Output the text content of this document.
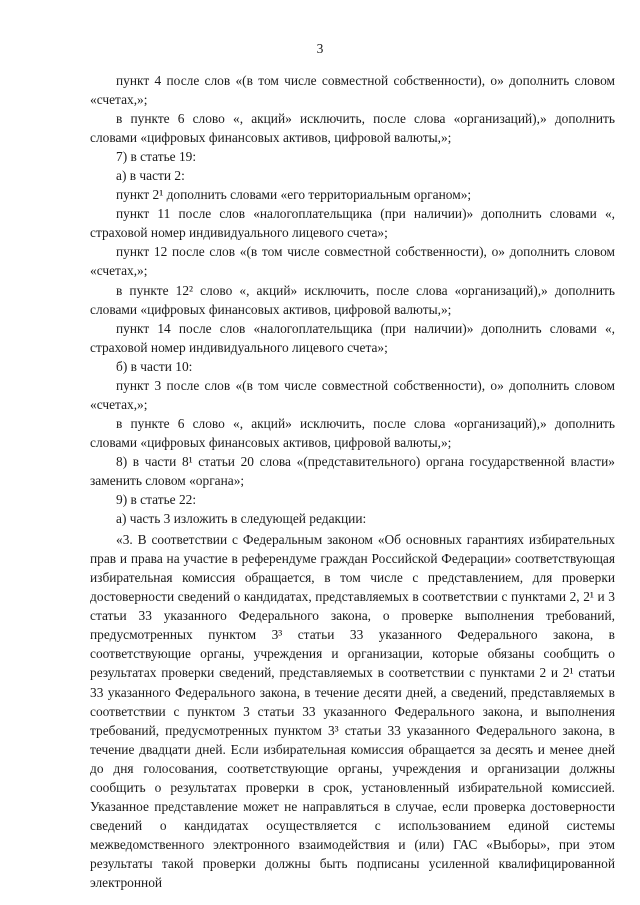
3

пункт 4 после слов «(в том числе совместной собственности), о» дополнить словом «счетах,»;

в пункте 6 слово «, акций» исключить, после слова «организаций),» дополнить словами «цифровых финансовых активов, цифровой валюты,»;

7) в статье 19:

а) в части 2:

пункт 2¹ дополнить словами «его территориальным органом»;

пункт 11 после слов «налогоплательщика (при наличии)» дополнить словами «, страховой номер индивидуального лицевого счета»;

пункт 12 после слов «(в том числе совместной собственности), о» дополнить словом «счетах,»;

в пункте 12² слово «, акций» исключить, после слова «организаций),» дополнить словами «цифровых финансовых активов, цифровой валюты,»;

пункт 14 после слов «налогоплательщика (при наличии)» дополнить словами «, страховой номер индивидуального лицевого счета»;

б) в части 10:

пункт 3 после слов «(в том числе совместной собственности), о» дополнить словом «счетах,»;

в пункте 6 слово «, акций» исключить, после слова «организаций),» дополнить словами «цифровых финансовых активов, цифровой валюты,»;

8) в части 8¹ статьи 20 слова «(представительного) органа государственной власти» заменить словом «органа»;

9) в статье 22:

а) часть 3 изложить в следующей редакции:

«3. В соответствии с Федеральным законом «Об основных гарантиях избирательных прав и права на участие в референдуме граждан Российской Федерации» соответствующая избирательная комиссия обращается, в том числе с представлением, для проверки достоверности сведений о кандидатах, представляемых в соответствии с пунктами 2, 2¹ и 3 статьи 33 указанного Федерального закона, о проверке выполнения требований, предусмотренных пунктом 3³ статьи 33 указанного Федерального закона, в соответствующие органы, учреждения и организации, которые обязаны сообщить о результатах проверки сведений, представляемых в соответствии с пунктами 2 и 2¹ статьи 33 указанного Федерального закона, в течение десяти дней, а сведений, представляемых в соответствии с пунктом 3 статьи 33 указанного Федерального закона, и выполнения требований, предусмотренных пунктом 3³ статьи 33 указанного Федерального закона, в течение двадцати дней. Если избирательная комиссия обращается за десять и менее дней до дня голосования, соответствующие органы, учреждения и организации должны сообщить о результатах проверки в срок, установленный избирательной комиссией. Указанное представление может не направляться в случае, если проверка достоверности сведений о кандидатах осуществляется с использованием единой системы межведомственного электронного взаимодействия и (или) ГАС «Выборы», при этом результаты такой проверки должны быть подписаны усиленной квалифицированной электронной
